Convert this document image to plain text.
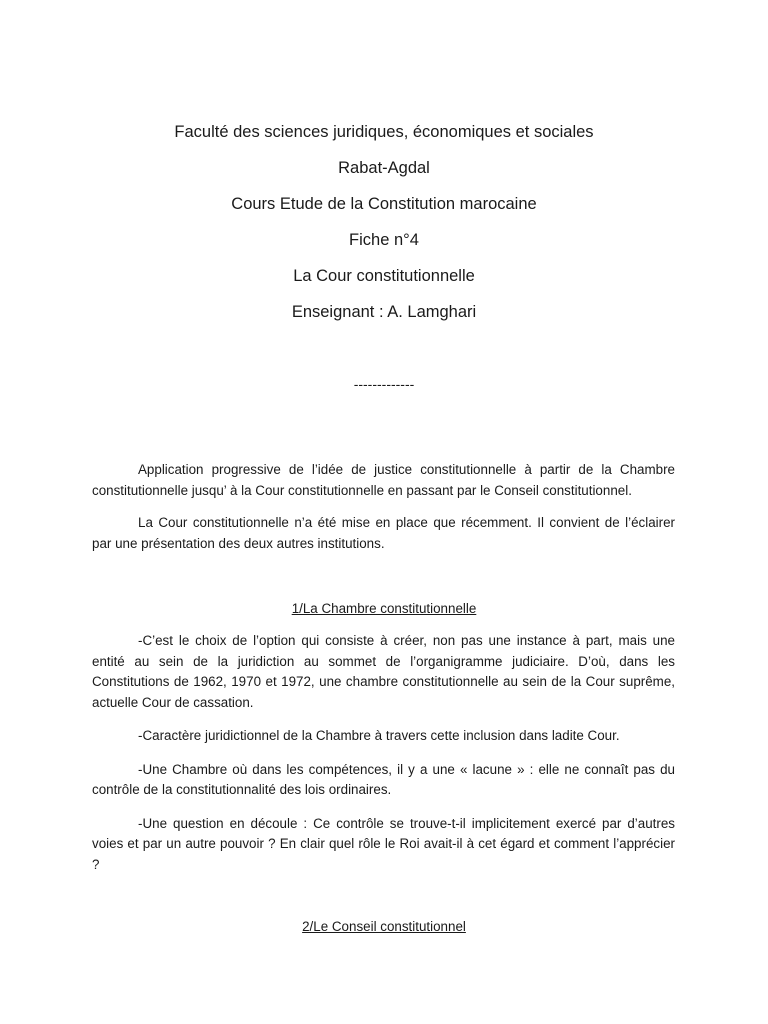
Faculté des sciences juridiques, économiques et sociales

Rabat-Agdal

Cours Etude de la Constitution marocaine

Fiche n°4

La Cour constitutionnelle

Enseignant : A. Lamghari

-------------

Application progressive de l’idée de justice constitutionnelle à partir de la Chambre constitutionnelle jusqu’ à la Cour constitutionnelle en passant par le Conseil constitutionnel.

La Cour constitutionnelle n’a été mise en place que récemment. Il convient de l’éclairer par une présentation des deux autres institutions.

1/La Chambre constitutionnelle

-C’est le choix de l’option qui consiste à créer, non pas une instance à part, mais une entité au sein de la juridiction au sommet de l’organigramme judiciaire. D’où, dans les Constitutions de 1962, 1970 et 1972, une chambre constitutionnelle au sein de la Cour suprême, actuelle Cour de cassation.

-Caractère juridictionnel de la Chambre à travers cette inclusion dans ladite Cour.

-Une Chambre où dans les compétences, il y a une « lacune » : elle ne connaît pas du contrôle de la constitutionnalité des lois ordinaires.

-Une question en découle : Ce contrôle se trouve-t-il implicitement exercé par d’autres voies et par un autre pouvoir ? En clair quel rôle le Roi avait-il à cet égard et comment l’apprécier ?

2/Le Conseil constitutionnel
